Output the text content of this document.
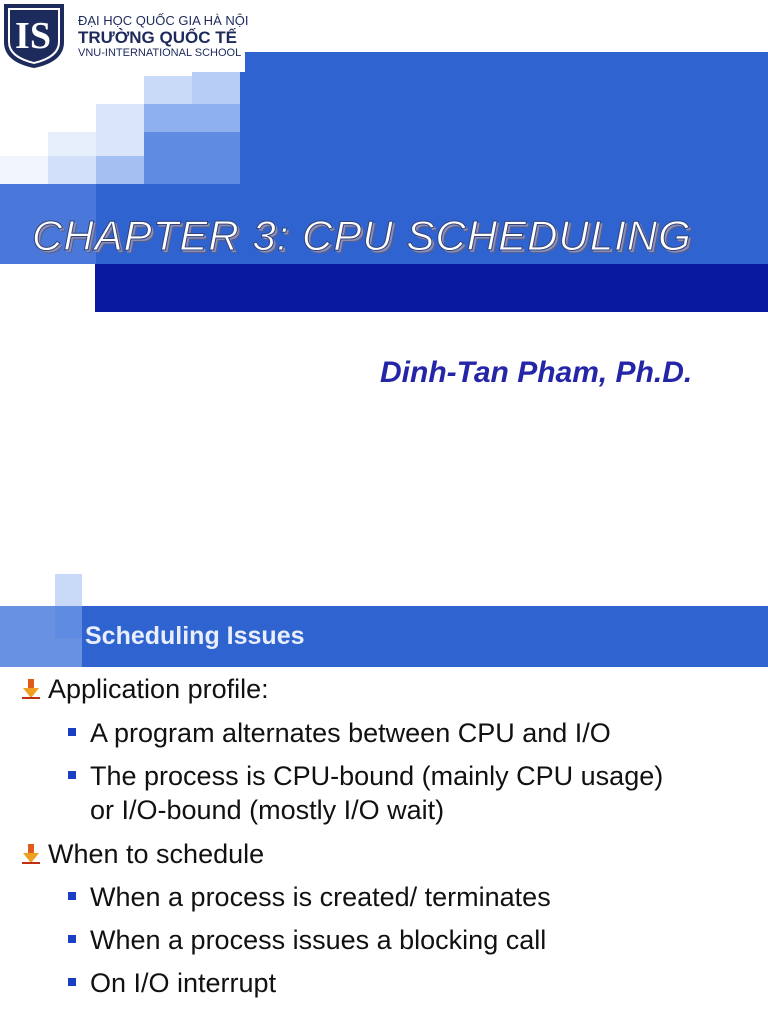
CHAPTER 3: CPU SCHEDULING
Dinh-Tan Pham, Ph.D.
IS ĐẠI HỌC QUỐC GIA HÀ NỘI
TRƯỜNG QUỐC TẾ
VNU-INTERNATIONAL SCHOOL
Scheduling Issues
Application profile:
A program alternates between CPU and I/O
The process is CPU-bound (mainly CPU usage)
or I/O-bound (mostly I/O wait)
When to schedule
When a process is created/ terminates
When a process issues a blocking call
On I/O interrupt
